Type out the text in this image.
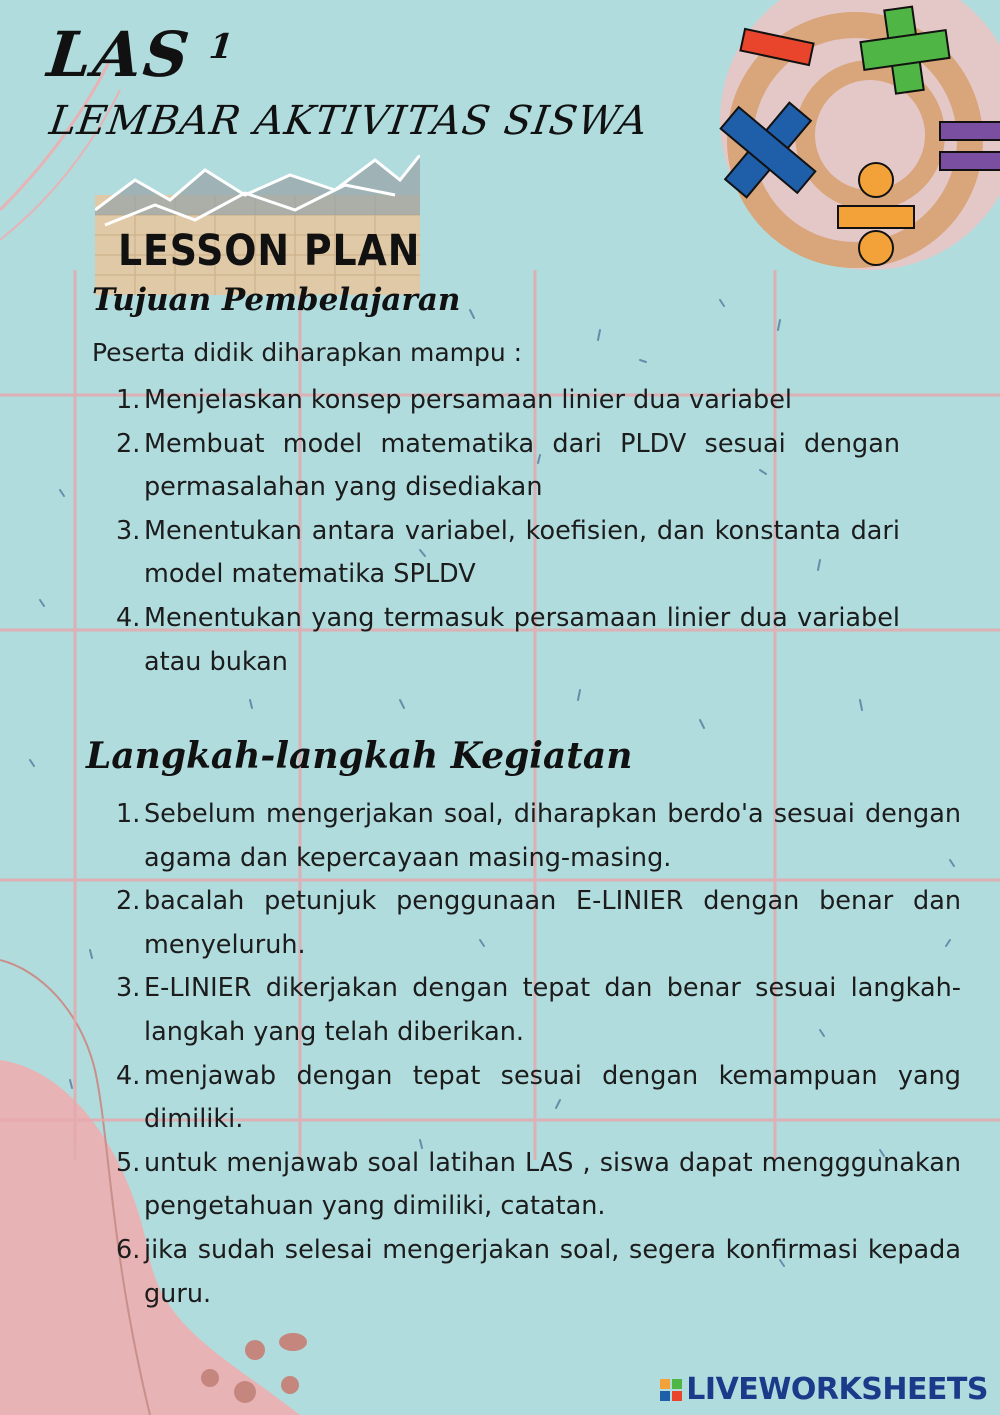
LAS $^1$
LEMBAR AKTIVITAS SISWA
LESSON PLAN
Tujuan Pembelajaran
Peserta didik diharapkan mampu :
1. Menjelaskan konsep persamaan linier dua variabel
2. Membuat model matematika dari PLDV sesuai dengan permasalahan yang disediakan
3. Menentukan antara variabel, koefisien, dan konstanta dari model matematika SPLDV
4. Menentukan yang termasuk persamaan linier dua variabel atau bukan
Langkah-langkah Kegiatan
1. Sebelum mengerjakan soal, diharapkan berdo'a sesuai dengan agama dan kepercayaan masing-masing.
2. bacalah petunjuk penggunaan E-LINIER dengan benar dan menyeluruh.
3. E-LINIER dikerjakan dengan tepat dan benar sesuai langkah-langkah yang telah diberikan.
4. menjawab dengan tepat sesuai dengan kemampuan yang dimiliki.
5. untuk menjawab soal latihan LAS , siswa dapat mengggunakan pengetahuan yang dimiliki, catatan.
6. jika sudah selesai mengerjakan soal, segera konfirmasi kepada guru.
LIVEWORKSHEETS
